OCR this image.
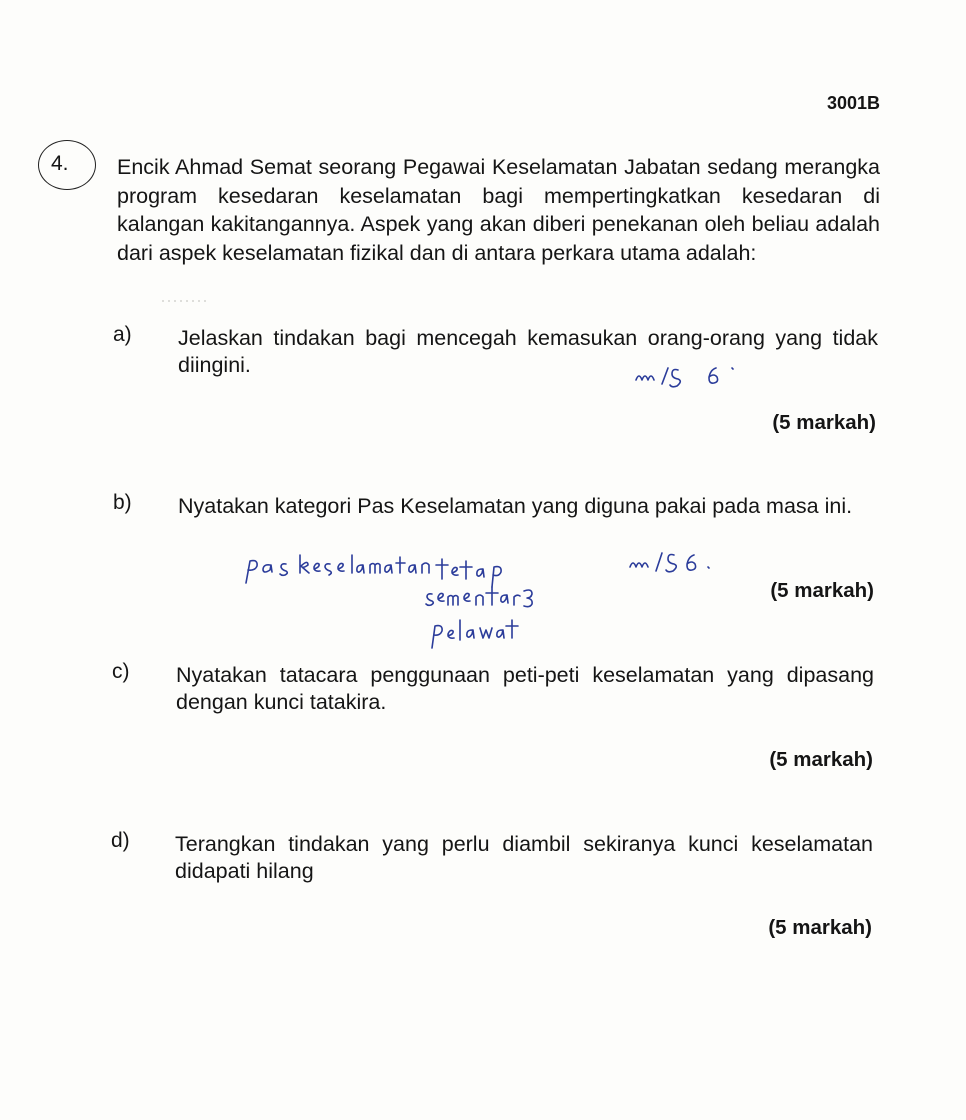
3001B
4. Encik Ahmad Semat seorang Pegawai Keselamatan Jabatan sedang merangka program kesedaran keselamatan bagi mempertingkatkan kesedaran di kalangan kakitangannya. Aspek yang akan diberi penekanan oleh beliau adalah dari aspek keselamatan fizikal dan di antara perkara utama adalah:
········
a) Jelaskan tindakan bagi mencegah kemasukan orang-orang yang tidak diingini.
(5 markah)
b) Nyatakan kategori Pas Keselamatan yang diguna pakai pada masa ini.
(5 markah)
c) Nyatakan tatacara penggunaan peti-peti keselamatan yang dipasang dengan kunci tatakira.
(5 markah)
d) Terangkan tindakan yang perlu diambil sekiranya kunci keselamatan didapati hilang
(5 markah)
